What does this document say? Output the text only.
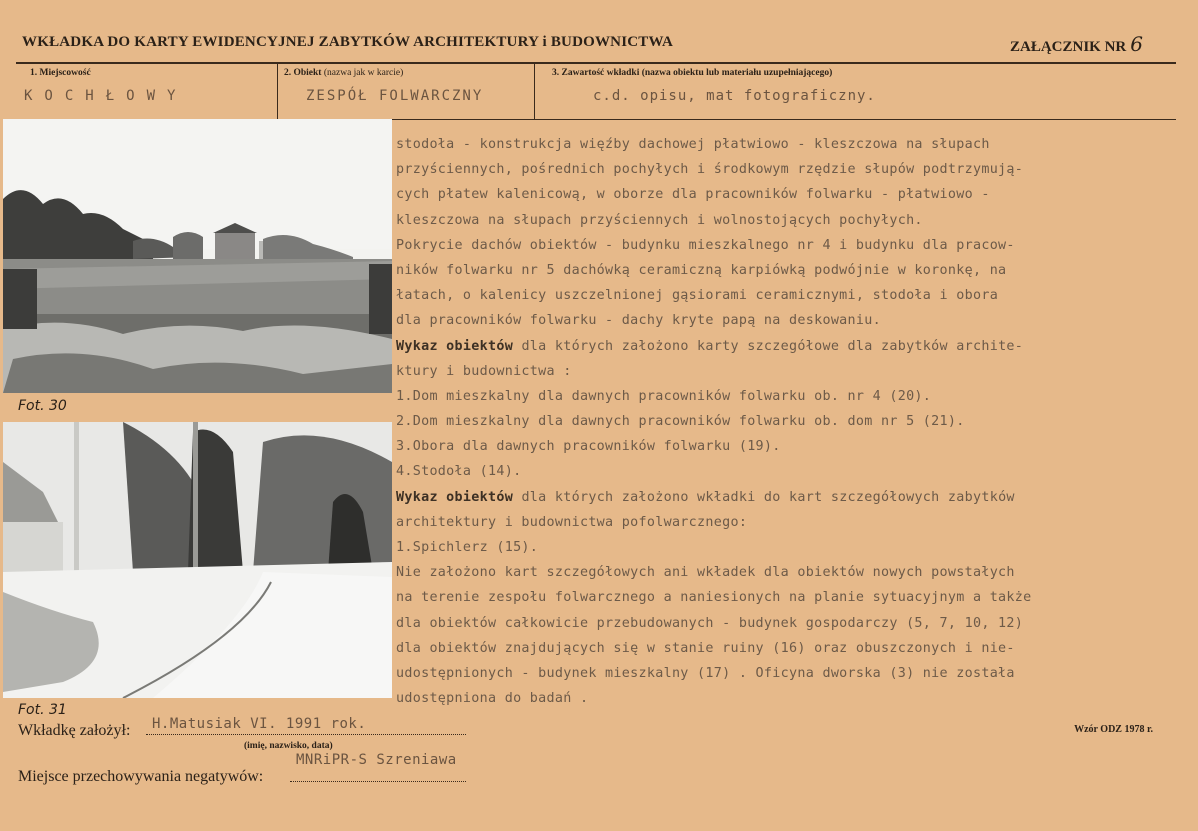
WKŁADKA DO KARTY EWIDENCYJNEJ ZABYTKÓW ARCHITEKTURY i BUDOWNICTWA	ZAŁĄCZNIK NR 6
1. Miejscowość	2. Obiekt (nazwa jak w karcie)	3. Zawartość wkładki (nazwa obiektu lub materiału uzupełniającego)
KOCHŁOWY	ZESPÓŁ FOLWARCZNY	c.d. opisu, mat fotograficzny.
Fot. 30
Fot. 31
stodoła - konstrukcja więźby dachowej płatwiowo - kleszczowa na słupach
przyściennych, pośrednich pochyłych i środkowym rzędzie słupów podtrzymują-
cych płatew kalenicową, w oborze dla pracowników folwarku - płatwiowo -
kleszczowa na słupach przyściennych i wolnostojących pochyłych.
Pokrycie dachów obiektów - budynku mieszkalnego nr 4 i budynku dla pracow-
ników folwarku nr 5 dachówką ceramiczną karpiówką podwójnie w koronkę, na
łatach, o kalenicy uszczelnionej gąsiorami ceramicznymi, stodoła i obora
dla pracowników folwarku - dachy kryte papą na deskowaniu.
Wykaz obiektów dla których założono karty szczegółowe dla zabytków archite-
ktury i budownictwa :
1.Dom mieszkalny dla dawnych pracowników folwarku ob. nr 4 (20).
2.Dom mieszkalny dla dawnych pracowników folwarku ob. dom nr 5 (21).
3.Obora dla dawnych pracowników folwarku (19).
4.Stodoła (14).
Wykaz obiektów dla których założono wkładki do kart szczegółowych zabytków
architektury i budownictwa pofolwarcznego:
1.Spichlerz (15).
Nie założono kart szczegółowych ani wkładek dla obiektów nowych powstałych
na terenie zespołu folwarcznego a naniesionych na planie sytuacyjnym a także
dla obiektów całkowicie przebudowanych - budynek gospodarczy (5, 7, 10, 12)
dla obiektów znajdujących się w stanie ruiny (16) oraz obuszczonych i nie-
udostępnionych - budynek mieszkalny (17) . Oficyna dworska (3) nie została
udostępniona do badań .
Wkładkę założył: H.Matusiak VI. 1991 rok.
(imię, nazwisko, data)
Wzór ODZ 1978 r.
Miejsce przechowywania negatywów:
MNRiPR-S Szreniawa
